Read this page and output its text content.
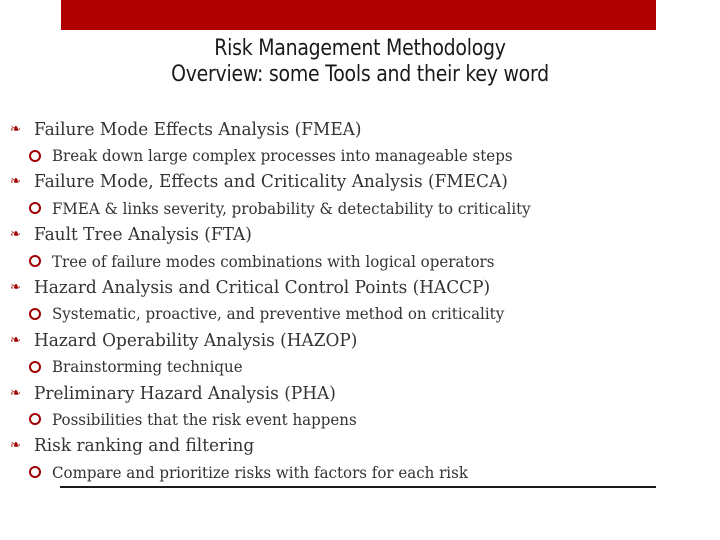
Risk Management Methodology
Overview: some Tools and their key word
❧ Failure Mode Effects Analysis (FMEA)
Break down large complex processes into manageable steps
❧ Failure Mode, Effects and Criticality Analysis (FMECA)
FMEA & links severity, probability & detectability to criticality
❧ Fault Tree Analysis (FTA)
Tree of failure modes combinations with logical operators
❧ Hazard Analysis and Critical Control Points (HACCP)
Systematic, proactive, and preventive method on criticality
❧ Hazard Operability Analysis (HAZOP)
Brainstorming technique
❧ Preliminary Hazard Analysis (PHA)
Possibilities that the risk event happens
❧ Risk ranking and filtering
Compare and prioritize risks with factors for each risk
